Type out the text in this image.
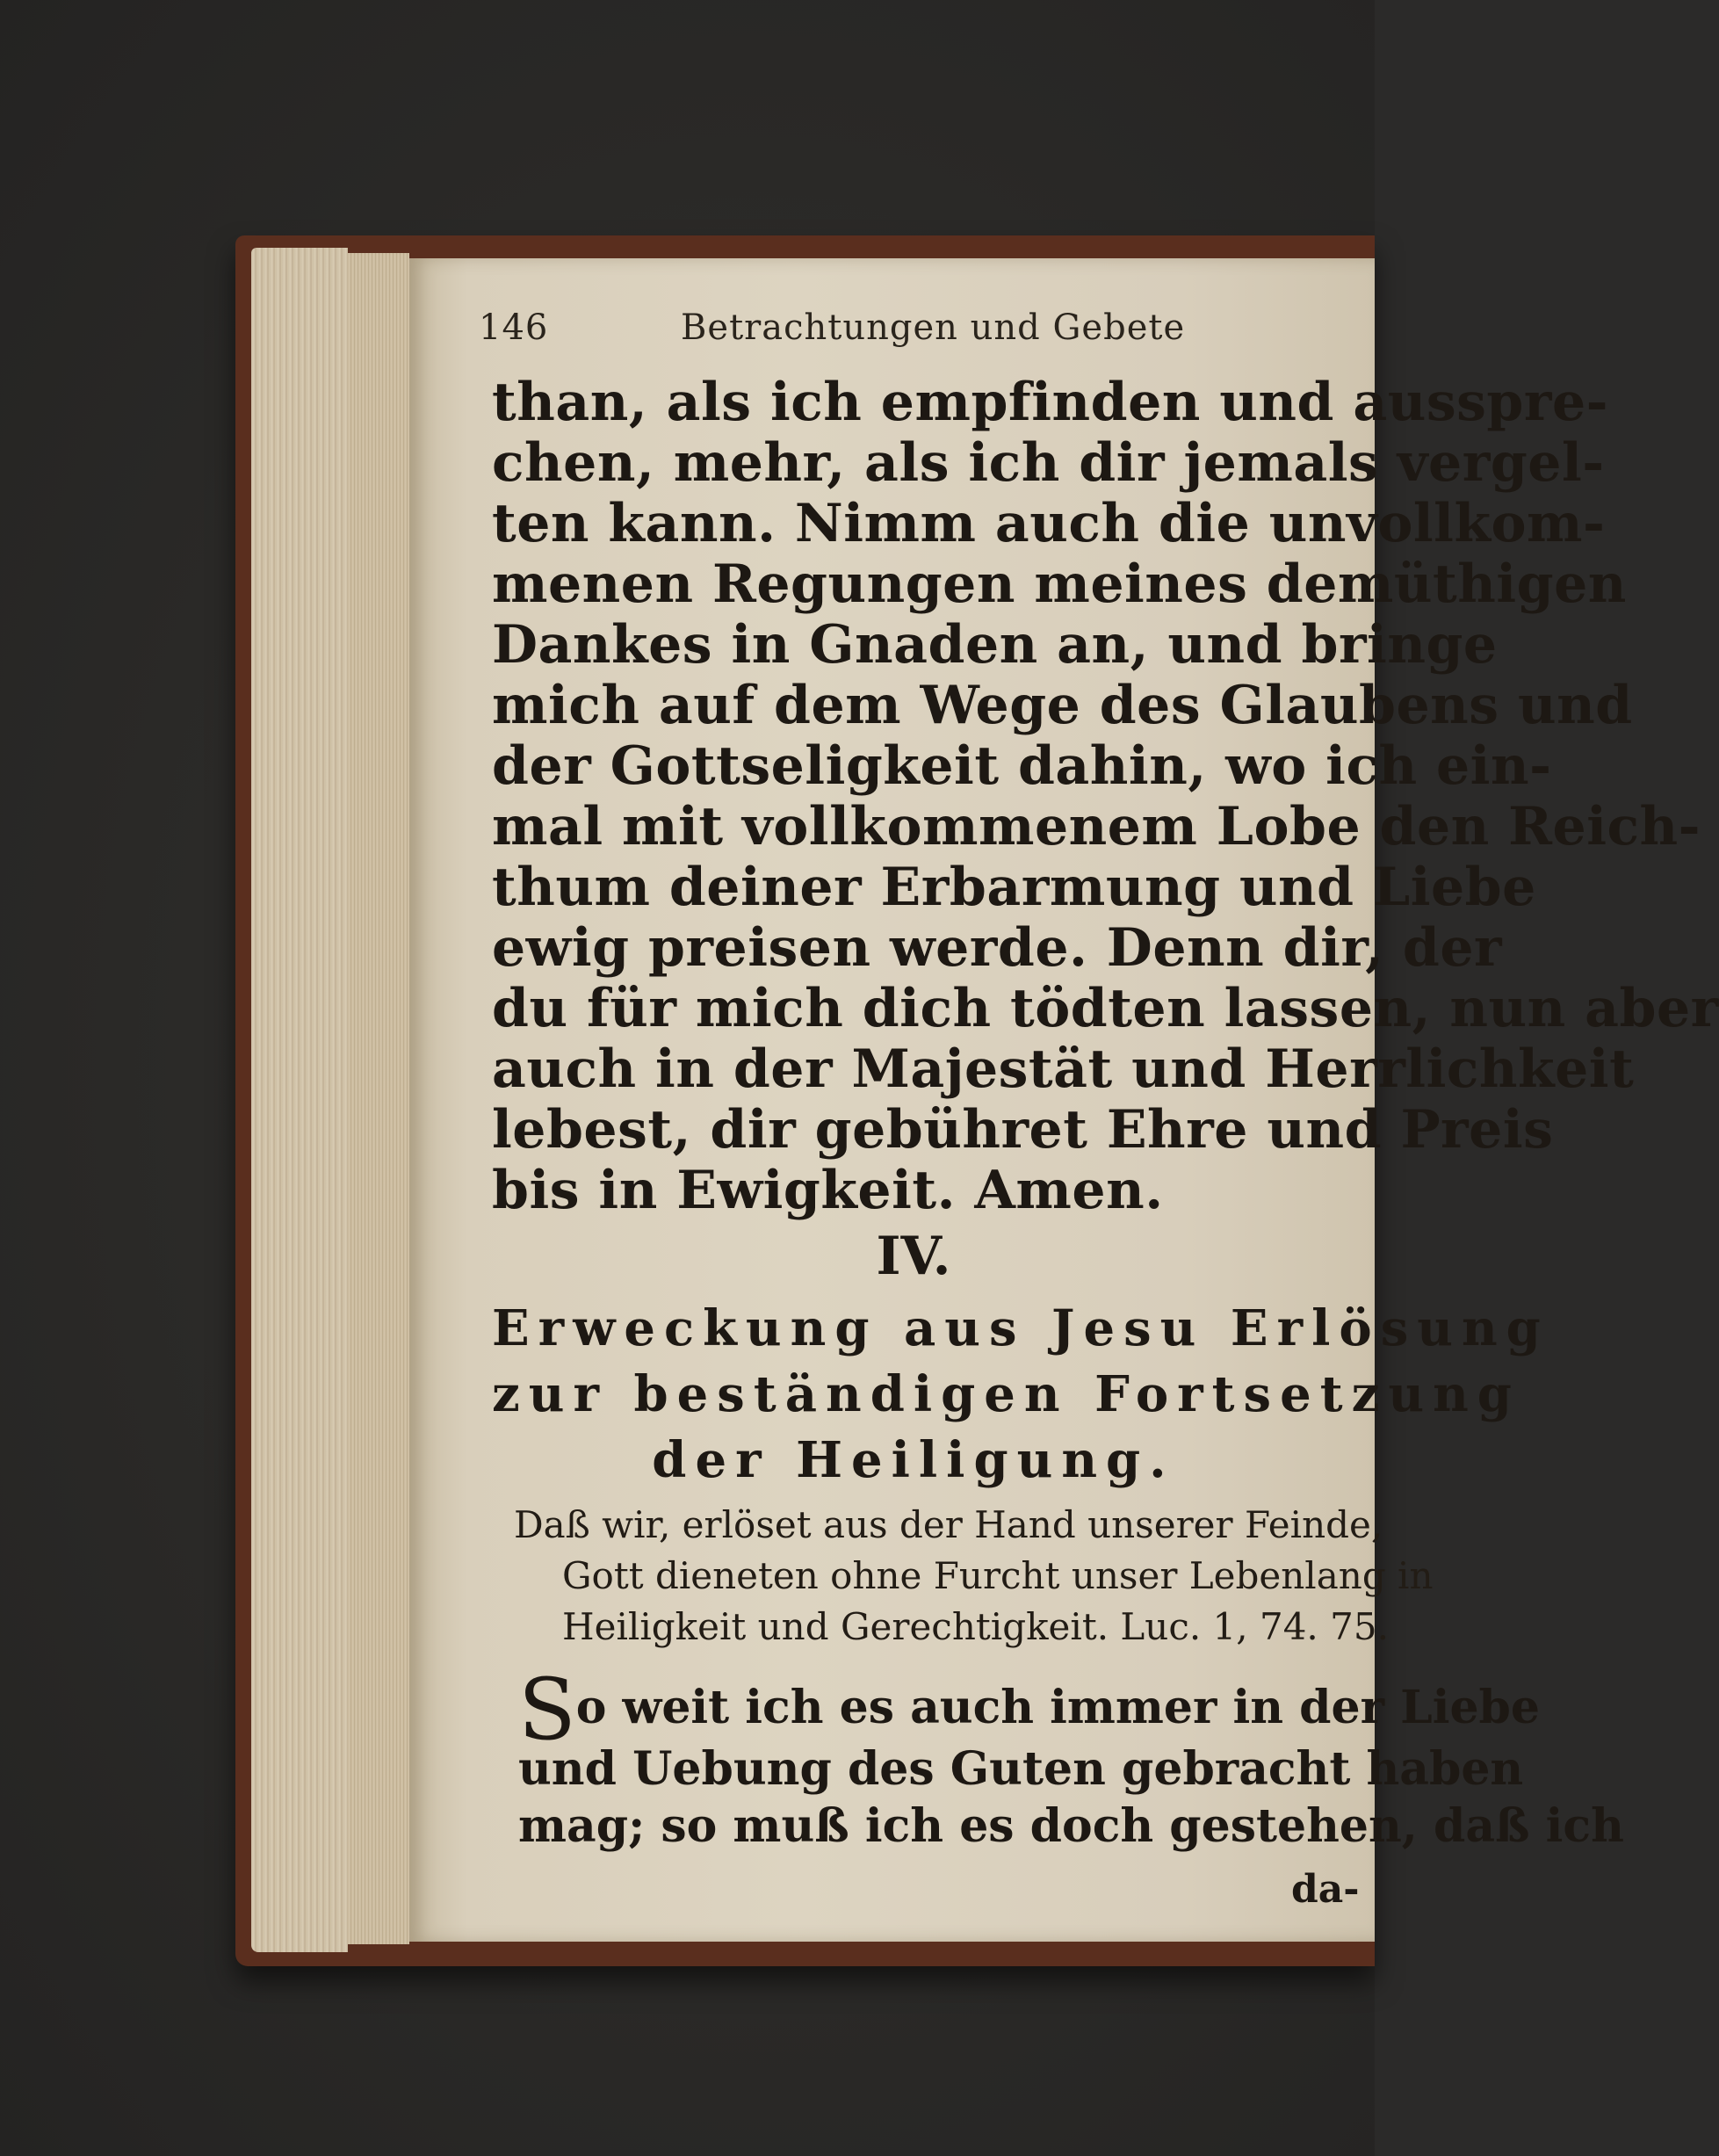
146	Betrachtungen und Gebete
than, als ich empfinden und ausspre-
chen, mehr, als ich dir jemals vergel-
ten kann. Nimm auch die unvollkom-
menen Regungen meines demüthigen
Dankes in Gnaden an, und bringe
mich auf dem Wege des Glaubens und
der Gottseligkeit dahin, wo ich ein-
mal mit vollkommenem Lobe den Reich-
thum deiner Erbarmung und Liebe
ewig preisen werde. Denn dir, der
du für mich dich tödten lassen, nun aber
auch in der Majestät und Herrlichkeit
lebest, dir gebühret Ehre und Preis
bis in Ewigkeit. Amen.
IV.
Erweckung aus Jesu Erlösung
zur beständigen Fortsetzung
der Heiligung.
Daß wir, erlöset aus der Hand unserer Feinde,
Gott dieneten ohne Furcht unser Lebenlang in
Heiligkeit und Gerechtigkeit. Luc. 1, 74. 75.
So weit ich es auch immer in der Liebe
und Uebung des Guten gebracht haben
mag; so muß ich es doch gestehen, daß ich
da-
